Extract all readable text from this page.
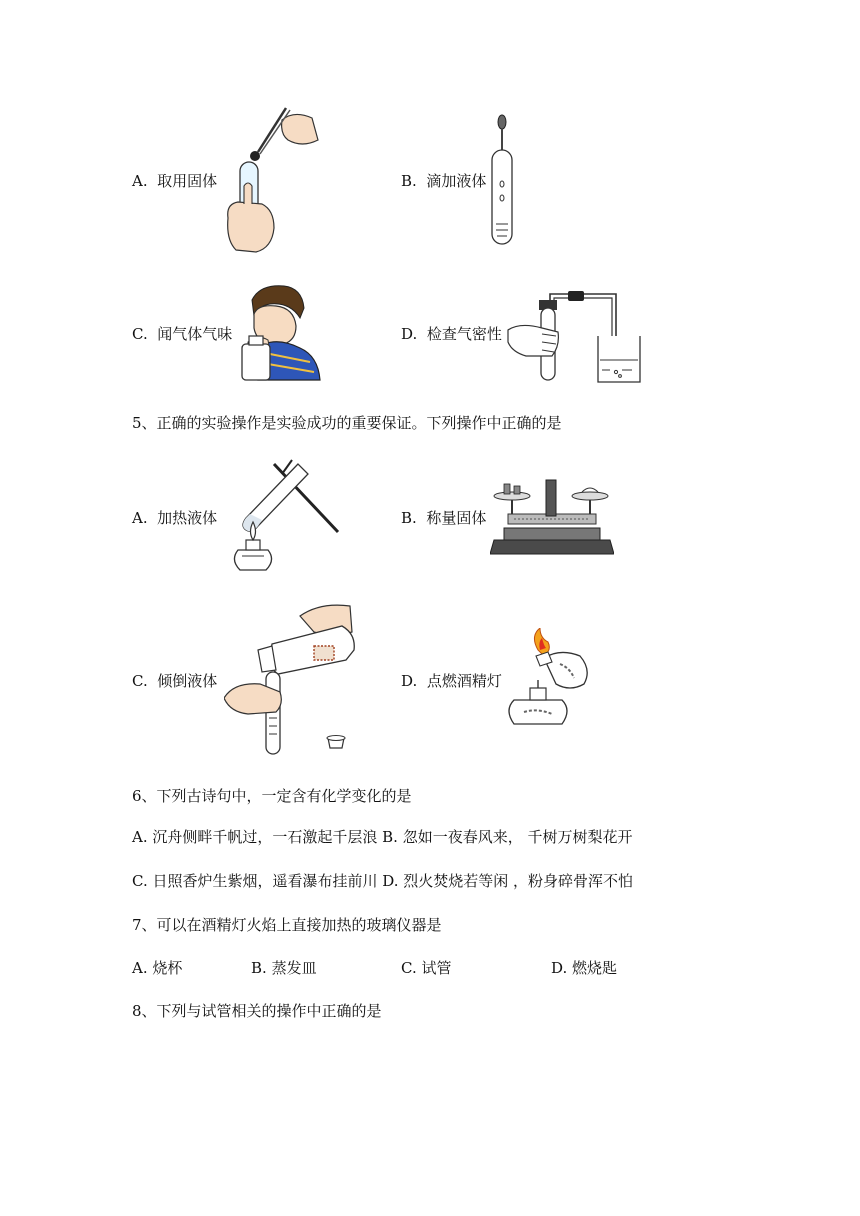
A. 取用固体	B. 滴加液体
C. 闻气体气味	D. 检查气密性
5、正确的实验操作是实验成功的重要保证。下列操作中正确的是
A. 加热液体	B. 称量固体
C. 倾倒液体	D. 点燃酒精灯
6、下列古诗句中，一定含有化学变化的是
A. 沉舟侧畔千帆过，一石激起千层浪 B. 忽如一夜春风来， 千树万树梨花开
C. 日照香炉生紫烟，遥看瀑布挂前川 D. 烈火焚烧若等闲 ，粉身碎骨浑不怕
7、可以在酒精灯火焰上直接加热的玻璃仪器是
A. 烧杯	B. 蒸发皿	C. 试管	D. 燃烧匙
8、下列与试管相关的操作中正确的是
